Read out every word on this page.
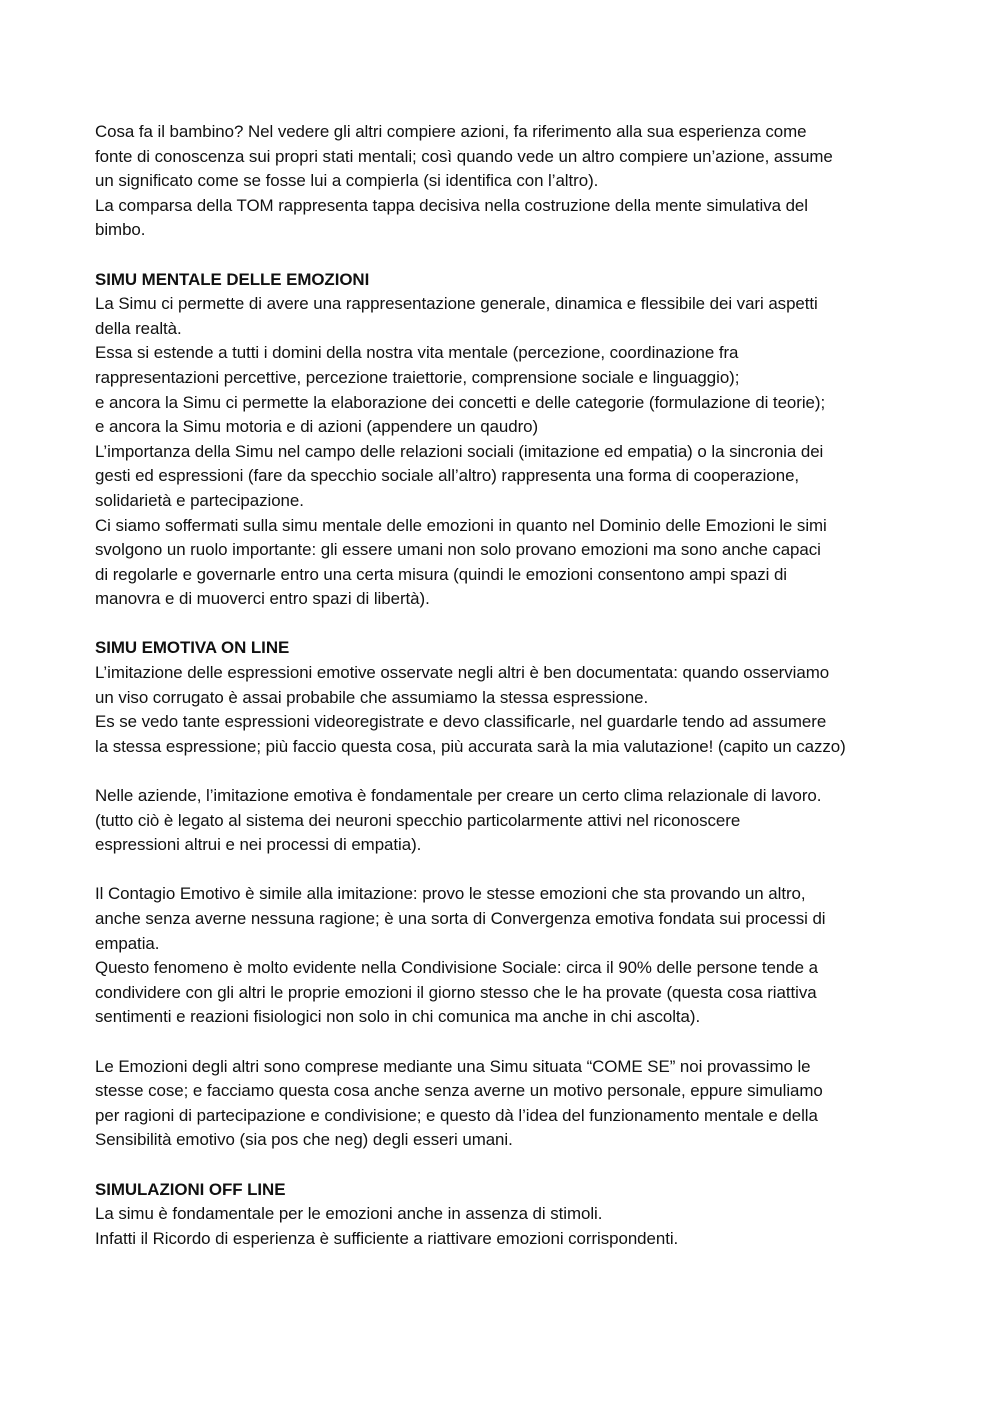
Cosa fa il bambino? Nel vedere gli altri compiere azioni, fa riferimento alla sua esperienza come
fonte di conoscenza sui propri stati mentali; così quando vede un altro compiere un’azione, assume
un significato come se fosse lui a compierla (si identifica con l’altro).
La comparsa della TOM rappresenta tappa decisiva nella costruzione della mente simulativa del
bimbo.
SIMU MENTALE DELLE EMOZIONI
La Simu ci permette di avere una rappresentazione generale, dinamica e flessibile dei vari aspetti
della realtà.
Essa si estende a tutti i domini della nostra vita mentale (percezione, coordinazione fra
rappresentazioni percettive, percezione traiettorie, comprensione sociale e linguaggio);
e ancora la Simu ci permette la elaborazione dei concetti e delle categorie (formulazione di teorie);
e ancora la Simu motoria e di azioni (appendere un qaudro)
L’importanza della Simu nel campo delle relazioni sociali (imitazione ed empatia) o la sincronia dei
gesti ed espressioni (fare da specchio sociale all’altro) rappresenta una forma di cooperazione,
solidarietà e partecipazione.
Ci siamo soffermati sulla simu mentale delle emozioni in quanto nel Dominio delle Emozioni le simi
svolgono un ruolo importante: gli essere umani non solo provano emozioni ma sono anche capaci
di regolarle e governarle entro una certa misura (quindi le emozioni consentono ampi spazi di
manovra e di muoverci entro spazi di libertà).
SIMU EMOTIVA ON LINE
L’imitazione delle espressioni emotive osservate negli altri è ben documentata: quando osserviamo
un viso corrugato è assai probabile che assumiamo la stessa espressione.
Es se vedo tante espressioni videoregistrate e devo classificarle, nel guardarle tendo ad assumere
la stessa espressione; più faccio questa cosa, più accurata sarà la mia valutazione! (capito un cazzo)
Nelle aziende, l’imitazione emotiva è fondamentale per creare un certo clima relazionale di lavoro.
(tutto ciò è legato al sistema dei neuroni specchio particolarmente attivi nel riconoscere
espressioni altrui e nei processi di empatia).
Il Contagio Emotivo è simile alla imitazione: provo le stesse emozioni che sta provando un altro,
anche senza averne nessuna ragione; è una sorta di Convergenza emotiva fondata sui processi di
empatia.
Questo fenomeno è molto evidente nella Condivisione Sociale: circa il 90% delle persone tende a
condividere con gli altri le proprie emozioni il giorno stesso che le ha provate (questa cosa riattiva
sentimenti e reazioni fisiologici non solo in chi comunica ma anche in chi ascolta).
Le Emozioni degli altri sono comprese mediante una Simu situata “COME SE” noi provassimo le
stesse cose; e facciamo questa cosa anche senza averne un motivo personale, eppure simuliamo
per ragioni di partecipazione e condivisione; e questo dà l’idea del funzionamento mentale e della
Sensibilità emotivo (sia pos che neg) degli esseri umani.
SIMULAZIONI OFF LINE
La simu è fondamentale per le emozioni anche in assenza di stimoli.
Infatti il Ricordo di esperienza è sufficiente a riattivare emozioni corrispondenti.
